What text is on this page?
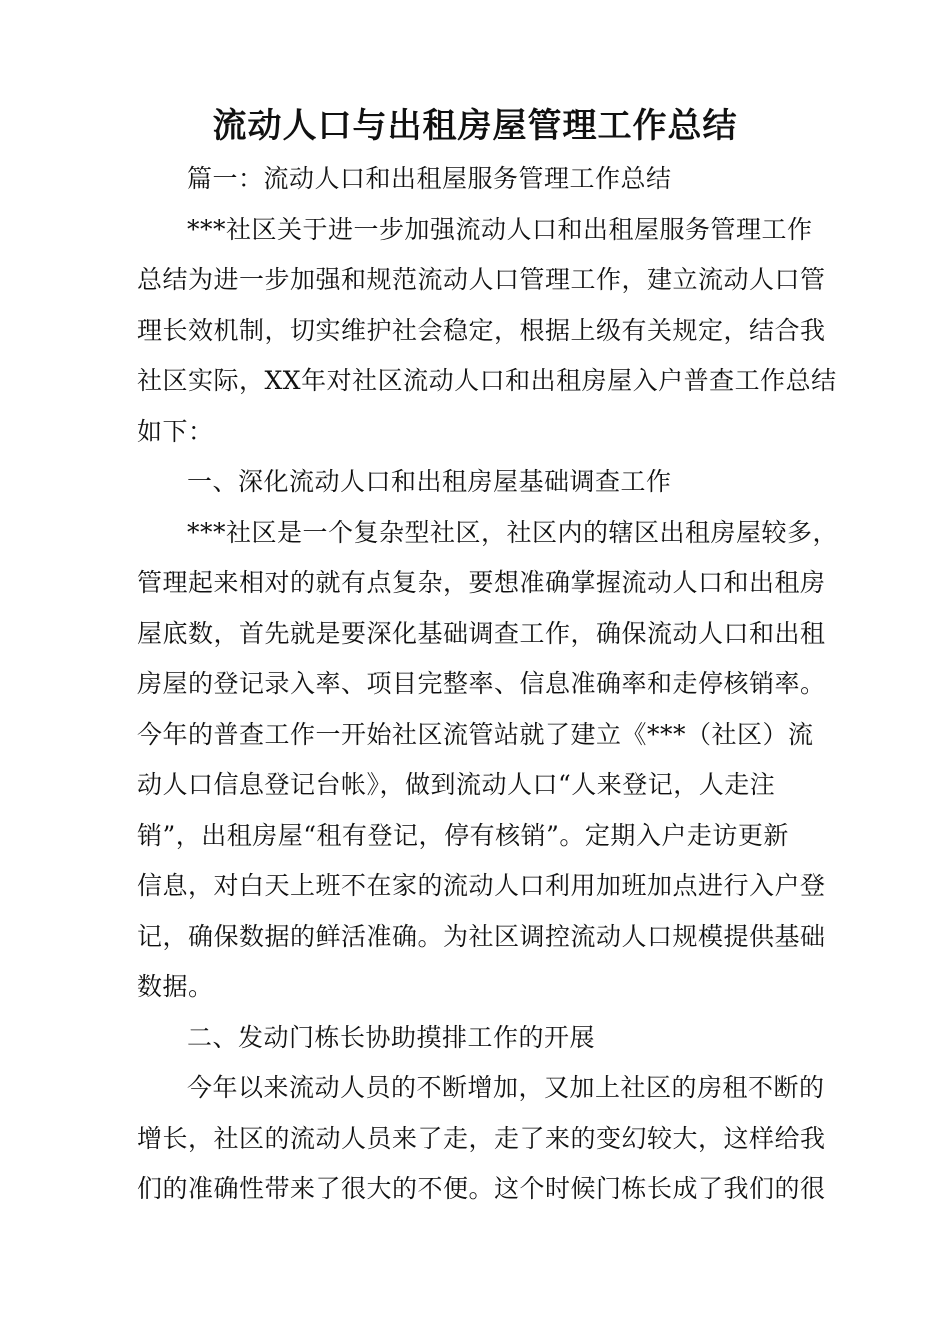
流动人口与出租房屋管理工作总结
篇一：流动人口和出租屋服务管理工作总结
***社区关于进一步加强流动人口和出租屋服务管理工作
总结为进一步加强和规范流动人口管理工作，建立流动人口管
理长效机制，切实维护社会稳定，根据上级有关规定，结合我
社区实际，XX年对社区流动人口和出租房屋入户普查工作总结
如下：
一、深化流动人口和出租房屋基础调查工作
***社区是一个复杂型社区，社区内的辖区出租房屋较多，
管理起来相对的就有点复杂，要想准确掌握流动人口和出租房
屋底数，首先就是要深化基础调查工作，确保流动人口和出租
房屋的登记录入率、项目完整率、信息准确率和走停核销率。
今年的普查工作一开始社区流管站就了建立《***（社区）流
动人口信息登记台帐》，做到流动人口“人来登记，人走注
销”，出租房屋“租有登记，停有核销”。定期入户走访更新
信息，对白天上班不在家的流动人口利用加班加点进行入户登
记，确保数据的鲜活准确。为社区调控流动人口规模提供基础
数据。
二、发动门栋长协助摸排工作的开展
今年以来流动人员的不断增加，又加上社区的房租不断的
增长，社区的流动人员来了走，走了来的变幻较大，这样给我
们的准确性带来了很大的不便。这个时候门栋长成了我们的很
